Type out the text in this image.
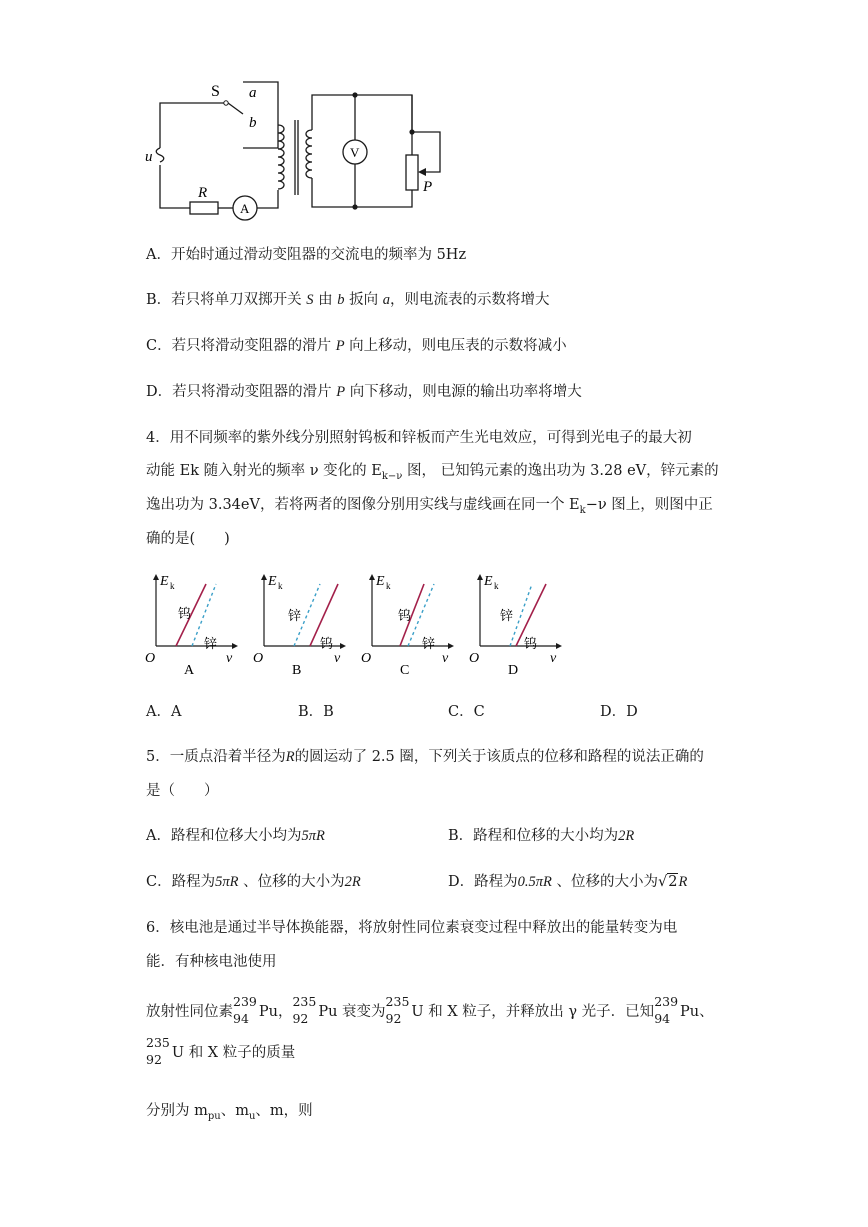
S a
b
u
R
A
V
P
A．开始时通过滑动变阻器的交流电的频率为 5Hz
B．若只将单刀双掷开关 S 由 b 扳向 a，则电流表的示数将增大
C．若只将滑动变阻器的滑片 P 向上移动，则电压表的示数将减小
D．若只将滑动变阻器的滑片 P 向下移动，则电源的输出功率将增大
4．用不同频率的紫外线分别照射钨板和锌板而产生光电效应，可得到光电子的最大初
动能 Ek 随入射光的频率 ν 变化的 $E_{k-\nu}$ 图， 已知钨元素的逸出功为 3.28 eV，锌元素的
逸出功为 3.34eV，若将两者的图像分别用实线与虚线画在同一个 $E_k-\nu$ 图上，则图中正
确的是(　　)
E k
O	ν
钨
锌
A
E k
O	ν
钨
锌
B
E k
O	ν
钨
锌
C
E k
O	ν
钨
锌
D
A．A	B．B	C．C	D．D
5．一质点沿着半径为R的圆运动了 2.5 圈，下列关于该质点的位移和路程的说法正确的
是（　　）
A．路程和位移大小均为5πR	B．路程和位移的大小均为2R
C．路程为5πR 、位移的大小为2R	D．路程为0.5πR 、位移的大小为√2R
6．核电池是通过半导体换能器，将放射性同位素衰变过程中释放出的能量转变为电
能．有种核电池使用
放射性同位素
239
94 Pu，
235
92 Pu 衰变为
235
92 U 和 X 粒子，并释放出 γ 光子．已知
239
94 Pu、
235
92 U 和 X 粒子的质量
分别为 $m_{pu}$、$m_u$、m，则
